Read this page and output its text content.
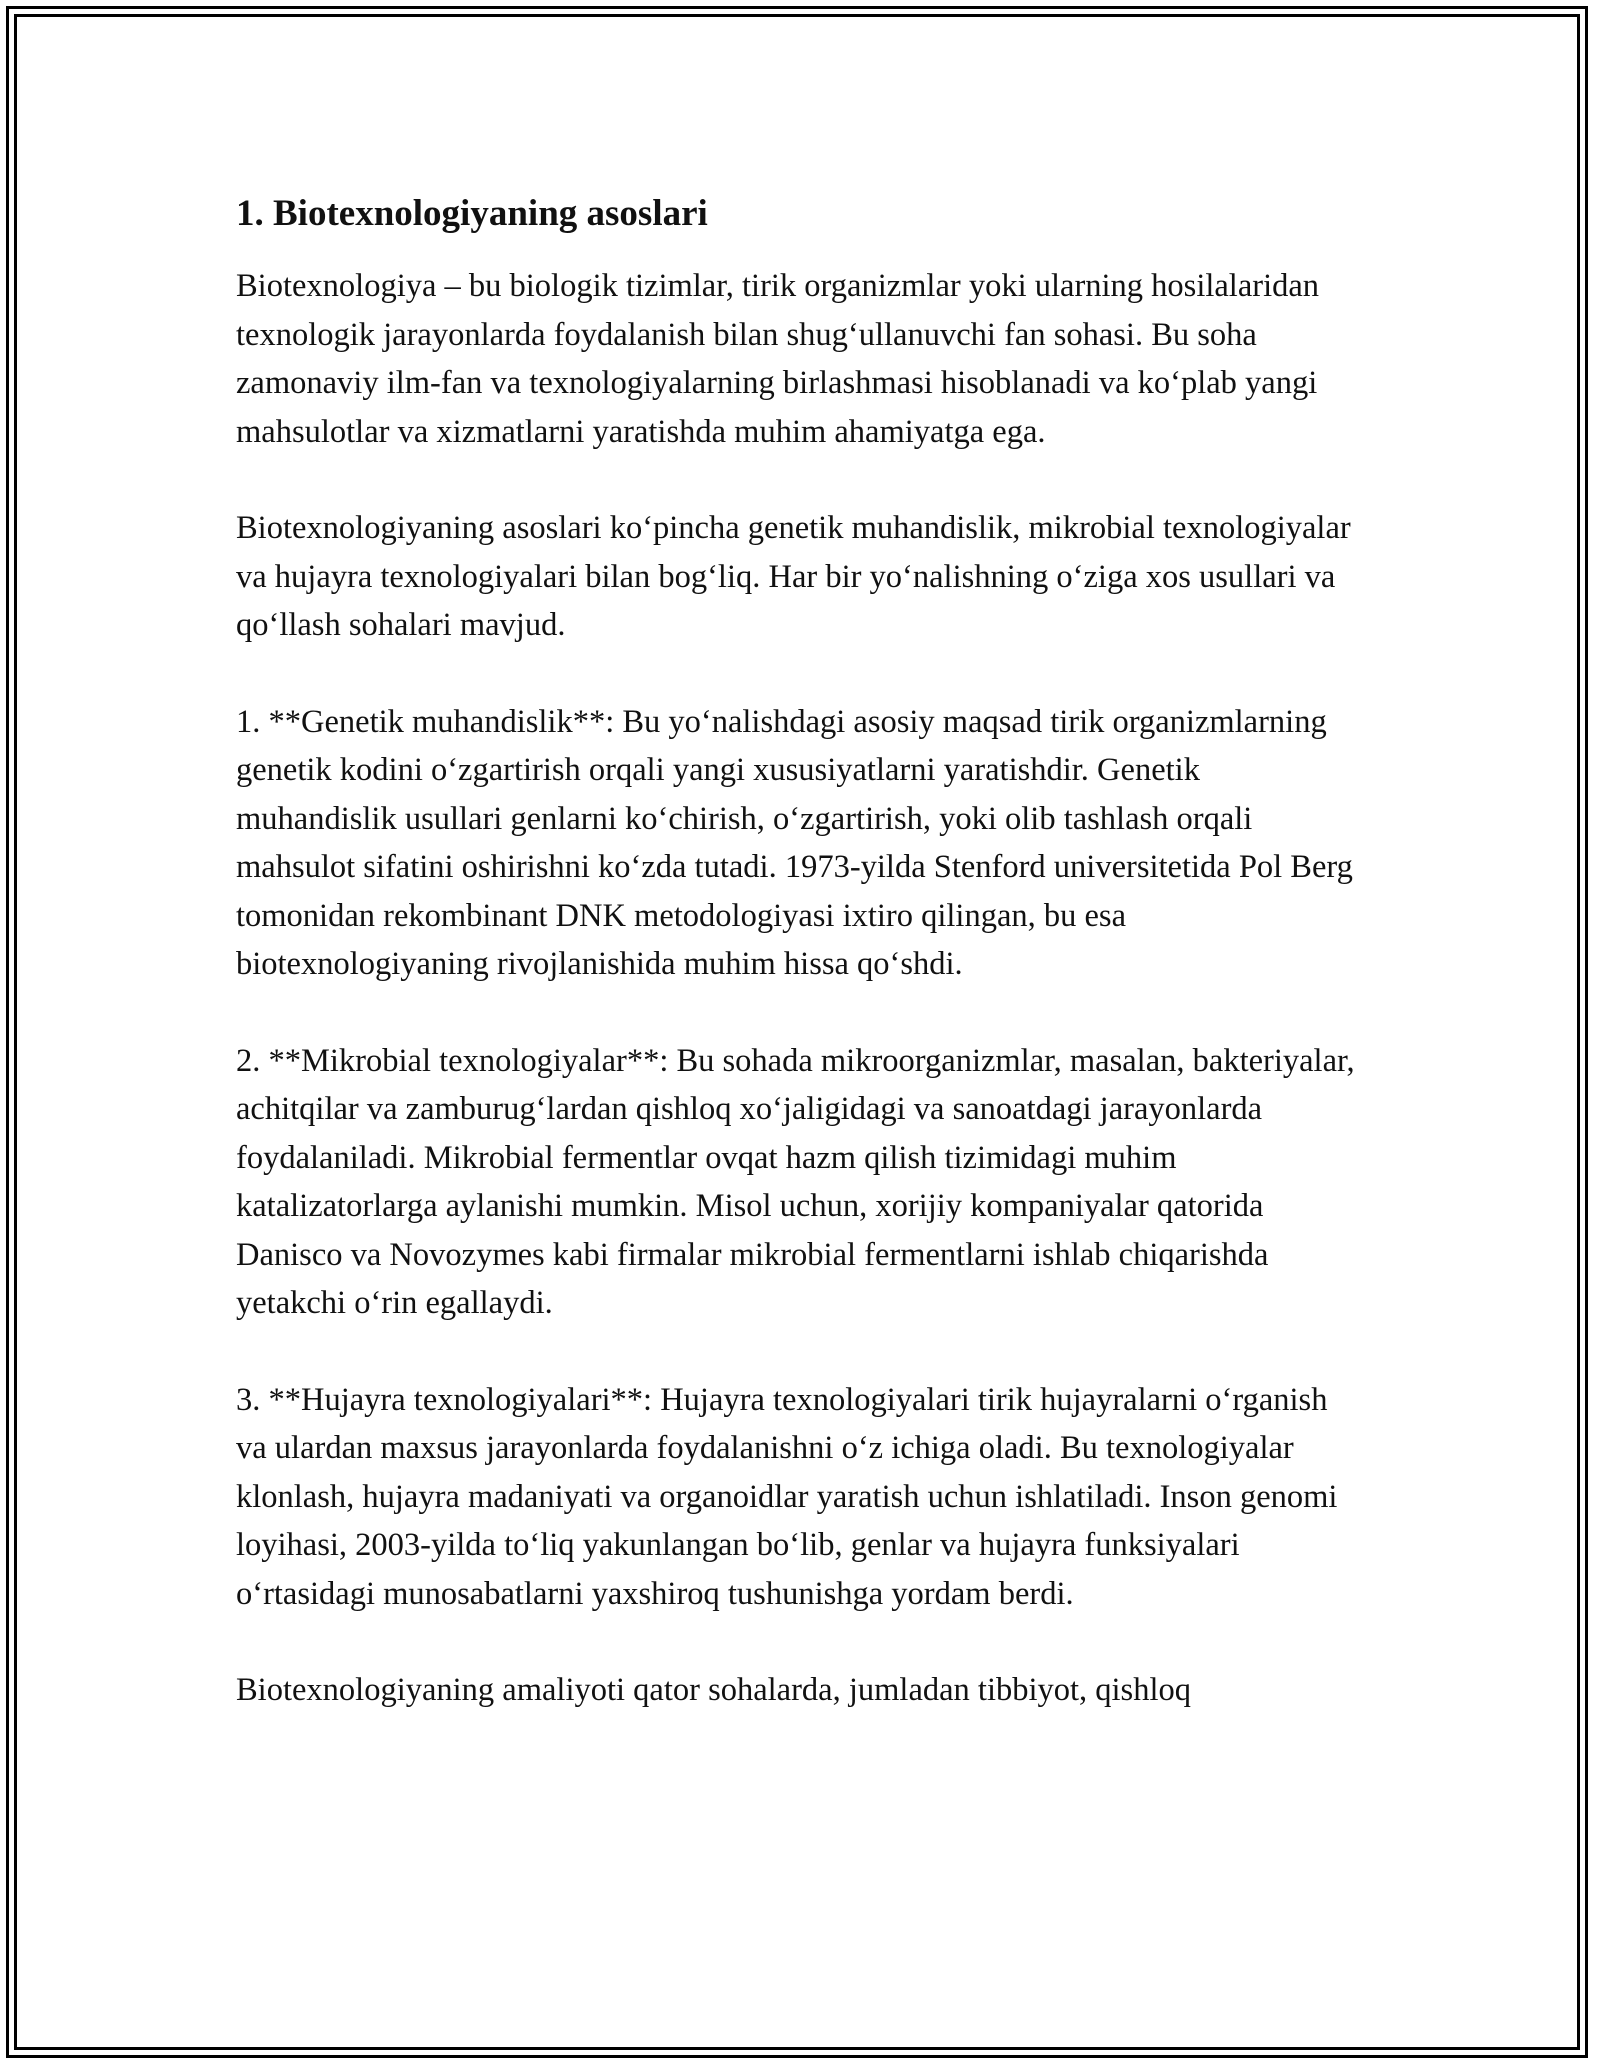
1. Biotexnologiyaning asoslari

Biotexnologiya – bu biologik tizimlar, tirik organizmlar yoki ularning hosilalaridan texnologik jarayonlarda foydalanish bilan shug‘ullanuvchi fan sohasi. Bu soha zamonaviy ilm-fan va texnologiyalarning birlashmasi hisoblanadi va ko‘plab yangi mahsulotlar va xizmatlarni yaratishda muhim ahamiyatga ega.

Biotexnologiyaning asoslari ko‘pincha genetik muhandislik, mikrobial texnologiyalar va hujayra texnologiyalari bilan bog‘liq. Har bir yo‘nalishning o‘ziga xos usullari va qo‘llash sohalari mavjud.

1. **Genetik muhandislik**: Bu yo‘nalishdagi asosiy maqsad tirik organizmlarning genetik kodini o‘zgartirish orqali yangi xususiyatlarni yaratishdir. Genetik muhandislik usullari genlarni ko‘chirish, o‘zgartirish, yoki olib tashlash orqali mahsulot sifatini oshirishni ko‘zda tutadi. 1973-yilda Stenford universitetida Pol Berg tomonidan rekombinant DNK metodologiyasi ixtiro qilingan, bu esa biotexnologiyaning rivojlanishida muhim hissa qo‘shdi.

2. **Mikrobial texnologiyalar**: Bu sohada mikroorganizmlar, masalan, bakteriyalar, achitqilar va zamburug‘lardan qishloq xo‘jaligidagi va sanoatdagi jarayonlarda foydalaniladi. Mikrobial fermentlar ovqat hazm qilish tizimidagi muhim katalizatorlarga aylanishi mumkin. Misol uchun, xorijiy kompaniyalar qatorida Danisco va Novozymes kabi firmalar mikrobial fermentlarni ishlab chiqarishda yetakchi o‘rin egallaydi.

3. **Hujayra texnologiyalari**: Hujayra texnologiyalari tirik hujayralarni o‘rganish va ulardan maxsus jarayonlarda foydalanishni o‘z ichiga oladi. Bu texnologiyalar klonlash, hujayra madaniyati va organoidlar yaratish uchun ishlatiladi. Inson genomi loyihasi, 2003-yilda to‘liq yakunlangan bo‘lib, genlar va hujayra funksiyalari o‘rtasidagi munosabatlarni yaxshiroq tushunishga yordam berdi.

Biotexnologiyaning amaliyoti qator sohalarda, jumladan tibbiyot, qishloq
